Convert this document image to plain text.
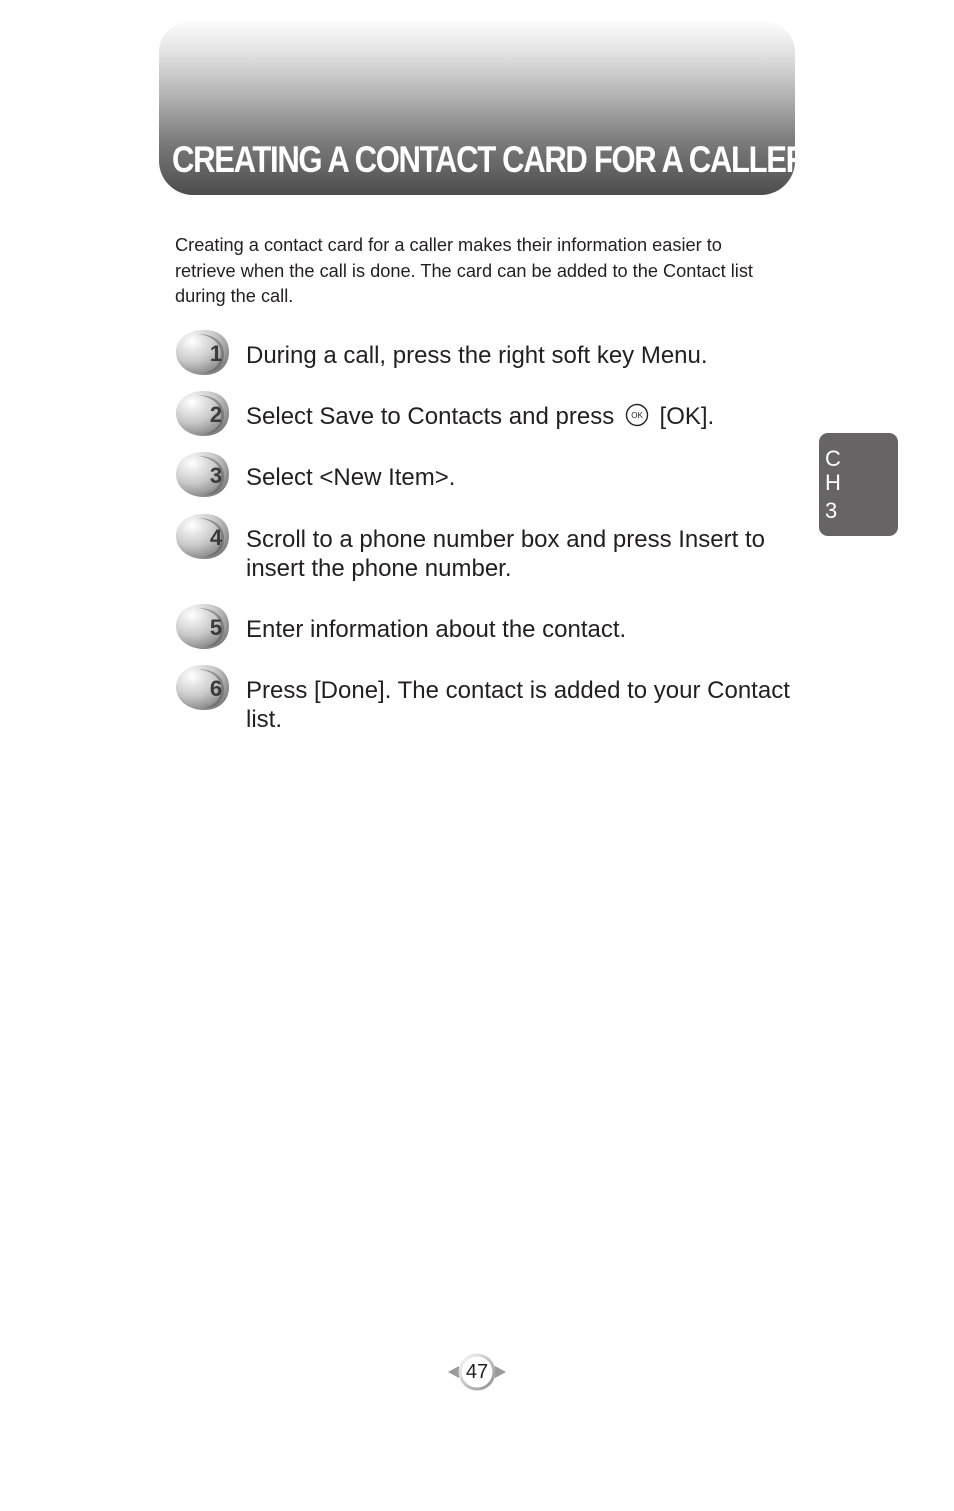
CREATING A CONTACT CARD FOR A CALLER

Creating a contact card for a caller makes their information easier to retrieve when the call is done. The card can be added to the Contact list during the call.

1 During a call, press the right soft key Menu.

2 Select Save to Contacts and press OK [OK].

3 Select <New Item>.

4 Scroll to a phone number box and press Insert to insert the phone number.

5 Enter information about the contact.

6 Press [Done]. The contact is added to your Contact list.

C
H
3
47
